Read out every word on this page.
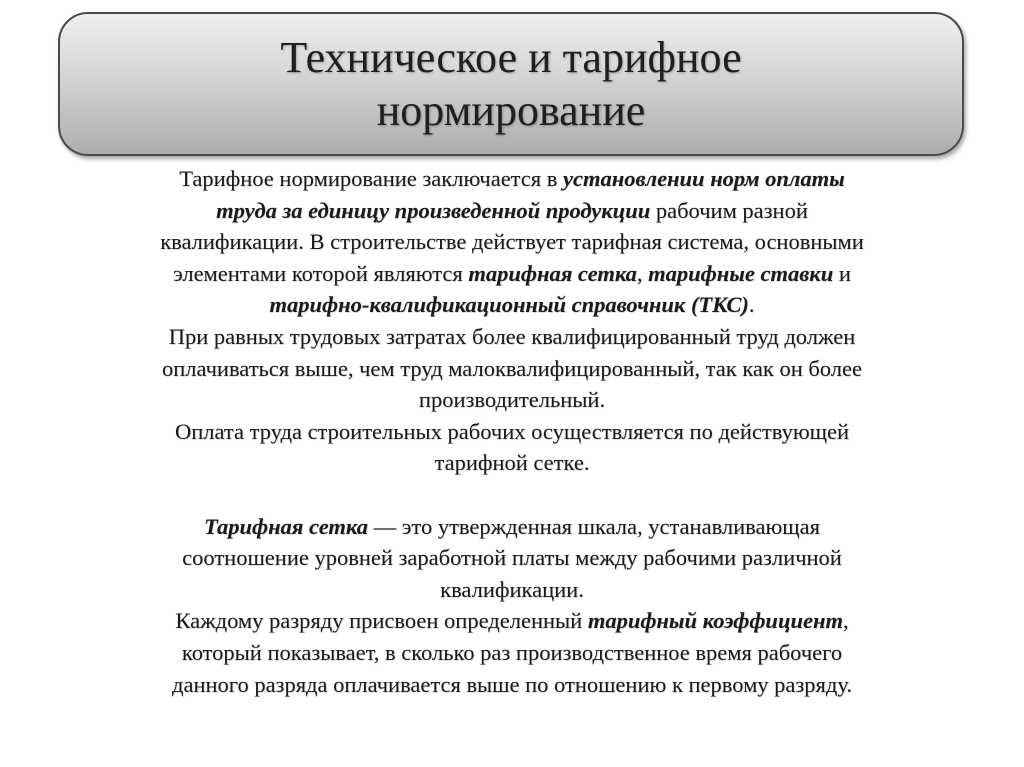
Техническое и тарифное
нормирование
Тарифное нормирование заключается в установлении норм оплаты
труда за единицу произведенной продукции рабочим разной
квалификации. В строительстве действует тарифная система, основными
элементами которой являются тарифная сетка, тарифные ставки и
тарифно-квалификационный справочник (ТКС).
При равных трудовых затратах более квалифицированный труд должен
оплачиваться выше, чем труд малоквалифицированный, так как он более
производительный.
Оплата труда строительных рабочих осуществляется по действующей
тарифной сетке.
Тарифная сетка — это утвержденная шкала, устанавливающая
соотношение уровней заработной платы между рабочими различной
квалификации.
Каждому разряду присвоен определенный тарифный коэффициент,
который показывает, в сколько раз производственное время рабочего
данного разряда оплачивается выше по отношению к первому разряду.
